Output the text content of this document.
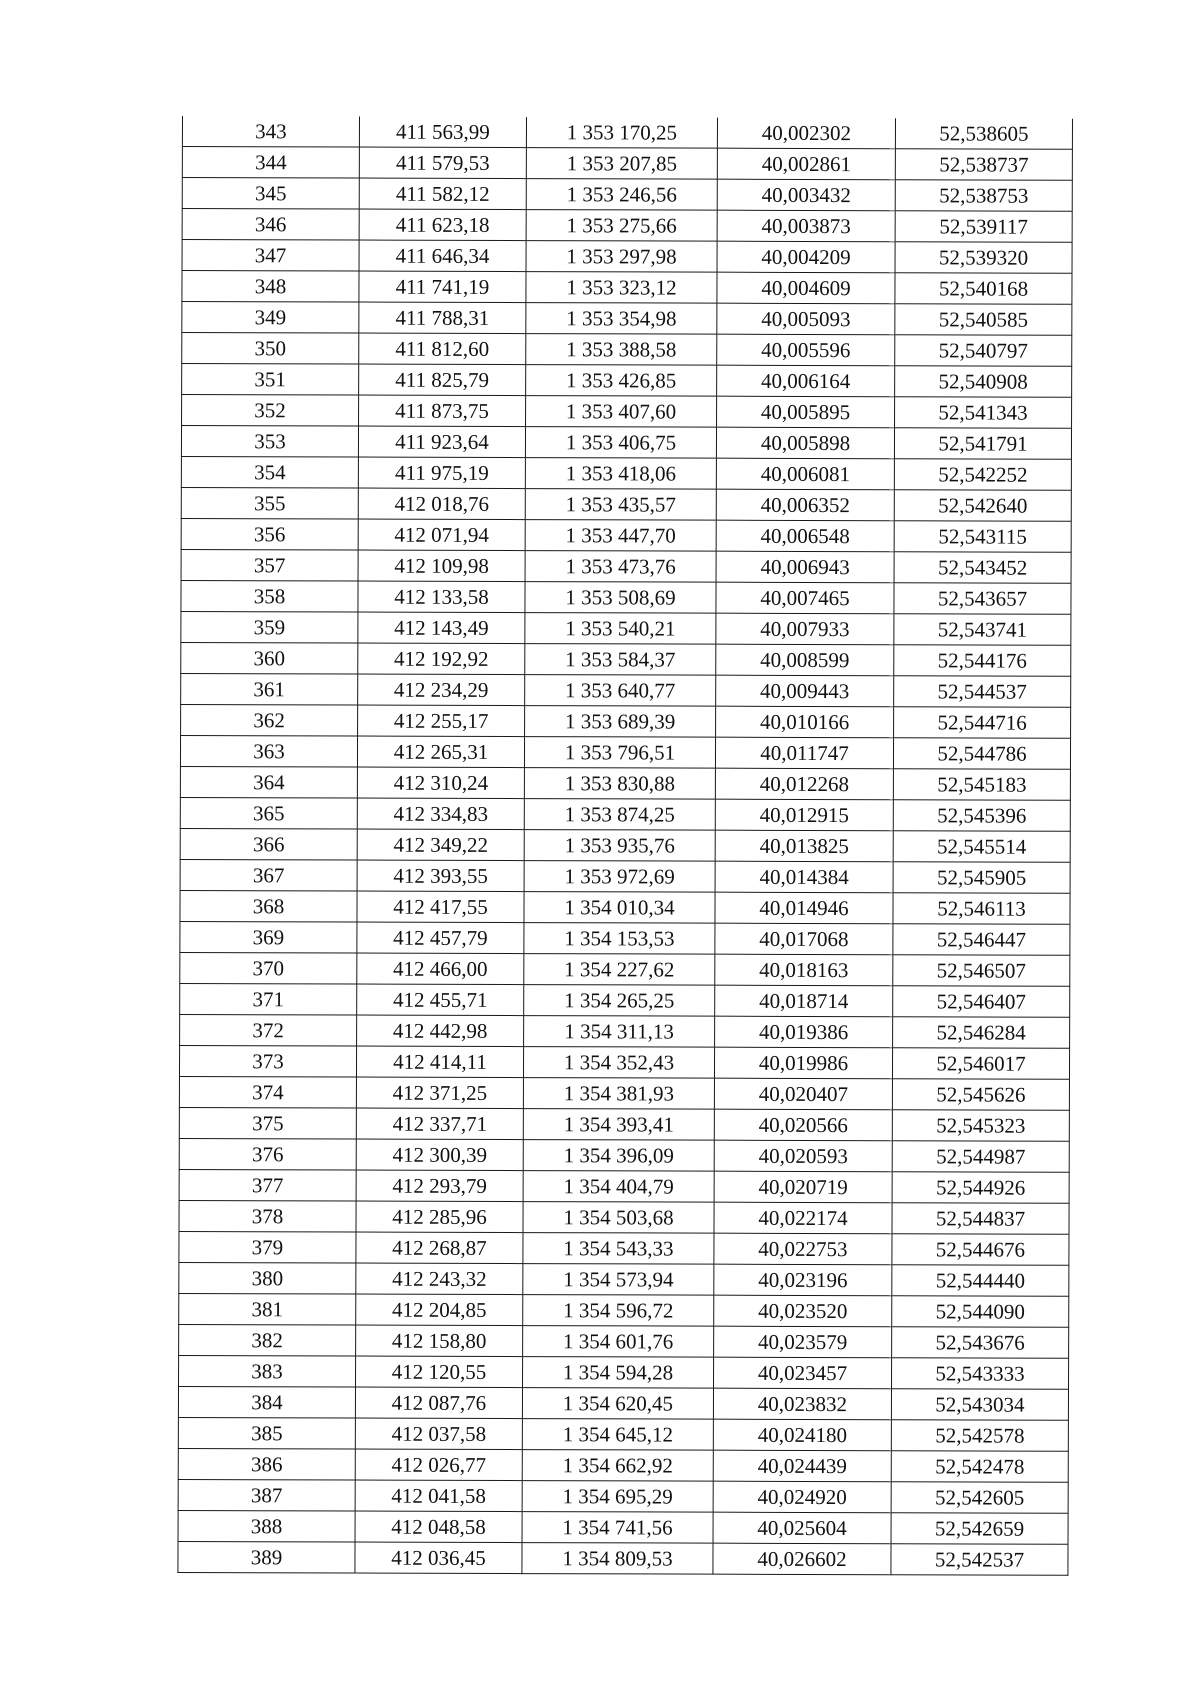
343	411 563,99	1 353 170,25	40,002302	52,538605
344	411 579,53	1 353 207,85	40,002861	52,538737
345	411 582,12	1 353 246,56	40,003432	52,538753
346	411 623,18	1 353 275,66	40,003873	52,539117
347	411 646,34	1 353 297,98	40,004209	52,539320
348	411 741,19	1 353 323,12	40,004609	52,540168
349	411 788,31	1 353 354,98	40,005093	52,540585
350	411 812,60	1 353 388,58	40,005596	52,540797
351	411 825,79	1 353 426,85	40,006164	52,540908
352	411 873,75	1 353 407,60	40,005895	52,541343
353	411 923,64	1 353 406,75	40,005898	52,541791
354	411 975,19	1 353 418,06	40,006081	52,542252
355	412 018,76	1 353 435,57	40,006352	52,542640
356	412 071,94	1 353 447,70	40,006548	52,543115
357	412 109,98	1 353 473,76	40,006943	52,543452
358	412 133,58	1 353 508,69	40,007465	52,543657
359	412 143,49	1 353 540,21	40,007933	52,543741
360	412 192,92	1 353 584,37	40,008599	52,544176
361	412 234,29	1 353 640,77	40,009443	52,544537
362	412 255,17	1 353 689,39	40,010166	52,544716
363	412 265,31	1 353 796,51	40,011747	52,544786
364	412 310,24	1 353 830,88	40,012268	52,545183
365	412 334,83	1 353 874,25	40,012915	52,545396
366	412 349,22	1 353 935,76	40,013825	52,545514
367	412 393,55	1 353 972,69	40,014384	52,545905
368	412 417,55	1 354 010,34	40,014946	52,546113
369	412 457,79	1 354 153,53	40,017068	52,546447
370	412 466,00	1 354 227,62	40,018163	52,546507
371	412 455,71	1 354 265,25	40,018714	52,546407
372	412 442,98	1 354 311,13	40,019386	52,546284
373	412 414,11	1 354 352,43	40,019986	52,546017
374	412 371,25	1 354 381,93	40,020407	52,545626
375	412 337,71	1 354 393,41	40,020566	52,545323
376	412 300,39	1 354 396,09	40,020593	52,544987
377	412 293,79	1 354 404,79	40,020719	52,544926
378	412 285,96	1 354 503,68	40,022174	52,544837
379	412 268,87	1 354 543,33	40,022753	52,544676
380	412 243,32	1 354 573,94	40,023196	52,544440
381	412 204,85	1 354 596,72	40,023520	52,544090
382	412 158,80	1 354 601,76	40,023579	52,543676
383	412 120,55	1 354 594,28	40,023457	52,543333
384	412 087,76	1 354 620,45	40,023832	52,543034
385	412 037,58	1 354 645,12	40,024180	52,542578
386	412 026,77	1 354 662,92	40,024439	52,542478
387	412 041,58	1 354 695,29	40,024920	52,542605
388	412 048,58	1 354 741,56	40,025604	52,542659
389	412 036,45	1 354 809,53	40,026602	52,542537
